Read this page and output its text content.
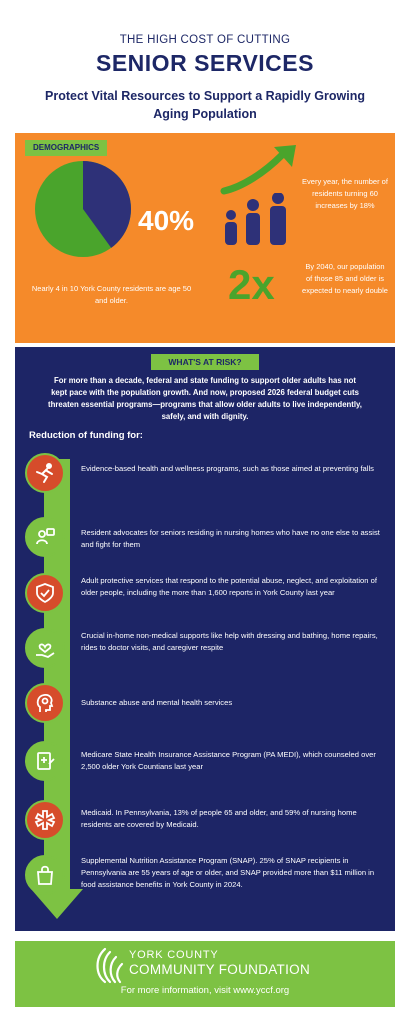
THE HIGH COST OF CUTTING
SENIOR SERVICES
Protect Vital Resources to Support a Rapidly Growing Aging Population
DEMOGRAPHICS
40%
Nearly 4 in 10 York County residents are age 50 and older.
Every year, the number of residents turning 60 increases by 18%
2x	By 2040, our population of those 85 and older is expected to nearly double
WHAT'S AT RISK?
For more than a decade, federal and state funding to support older adults has not kept pace with the population growth. And now, proposed 2026 federal budget cuts threaten essential programs—programs that allow older adults to live independently, safely, and with dignity.
Reduction of funding for:
Evidence-based health and wellness programs, such as those aimed at preventing falls
Resident advocates for seniors residing in nursing homes who have no one else to assist and fight for them
Adult protective services that respond to the potential abuse, neglect, and exploitation of older people, including the more than 1,600 reports in York County last year
Crucial in-home non-medical supports like help with dressing and bathing, home repairs, rides to doctor visits, and caregiver respite
Substance abuse and mental health services
Medicare State Health Insurance Assistance Program (PA MEDI), which counseled over 2,500 older York Countians last year
Medicaid. In Pennsylvania, 13% of people 65 and older, and 59% of nursing home residents are covered by Medicaid.
Supplemental Nutrition Assistance Program (SNAP). 25% of SNAP recipients in Pennsylvania are 55 years of age or older, and SNAP provided more than $11 million in food assistance benefits in York County in 2024.
YORK COUNTY
COMMUNITY FOUNDATION
For more information, visit www.yccf.org
